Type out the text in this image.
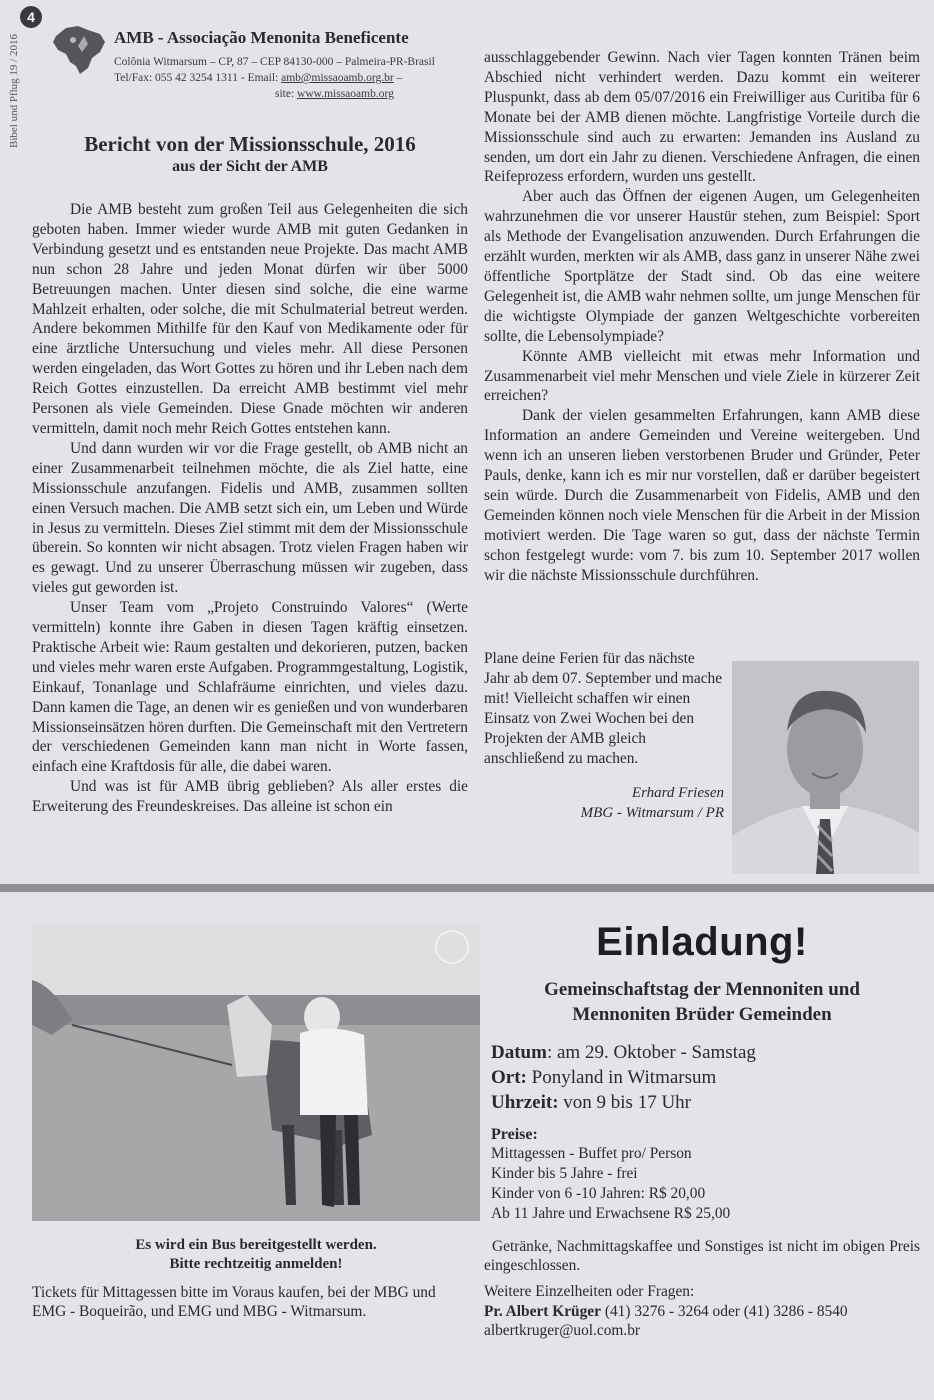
Bibel und Pflug 19 / 2016
4
AMB - Associação Menonita Beneficente
Colônia Witmarsum – CP, 87 – CEP 84130-000 – Palmeira-PR-Brasil
Tel/Fax: 055 42 3254 1311 - Email: amb@missaoamb.org.br –
site: www.missaoamb.org
Bericht von der Missionsschule, 2016
aus der Sicht der AMB

Die AMB besteht zum großen Teil aus Gelegenheiten die sich geboten haben. Immer wieder wurde AMB mit guten Gedanken in Verbindung gesetzt und es entstanden neue Projekte. Das macht AMB nun schon 28 Jahre und jeden Monat dürfen wir über 5000 Betreuungen machen. Unter diesen sind solche, die eine warme Mahlzeit erhalten, oder solche, die mit Schulmaterial betreut werden. Andere bekommen Mithilfe für den Kauf von Medikamente oder für eine ärztliche Untersuchung und vieles mehr. All diese Personen werden eingeladen, das Wort Gottes zu hören und ihr Leben nach dem Reich Gottes einzustellen. Da erreicht AMB bestimmt viel mehr Personen als viele Gemeinden. Diese Gnade möchten wir anderen vermitteln, damit noch mehr Reich Gottes entstehen kann.

Und dann wurden wir vor die Frage gestellt, ob AMB nicht an einer Zusammenarbeit teilnehmen möchte, die als Ziel hatte, eine Missionsschule anzufangen. Fidelis und AMB, zusammen sollten einen Versuch machen. Die AMB setzt sich ein, um Leben und Würde in Jesus zu vermitteln. Dieses Ziel stimmt mit dem der Missionsschule überein. So konnten wir nicht absagen. Trotz vielen Fragen haben wir es gewagt. Und zu unserer Überraschung müssen wir zugeben, dass vieles gut geworden ist.

Unser Team vom „Projeto Construindo Valores“ (Werte vermitteln) konnte ihre Gaben in diesen Tagen kräftig einsetzen. Praktische Arbeit wie: Raum gestalten und dekorieren, putzen, backen und vieles mehr waren erste Aufgaben. Programmgestaltung, Logistik, Einkauf, Tonanlage und Schlafräume einrichten, und vieles dazu. Dann kamen die Tage, an denen wir es genießen und von wunderbaren Missionseinsätzen hören durften. Die Gemeinschaft mit den Vertretern der verschiedenen Gemeinden kann man nicht in Worte fassen, einfach eine Kraftdosis für alle, die dabei waren.

Und was ist für AMB übrig geblieben? Als aller erstes die Erweiterung des Freundeskreises. Das alleine ist schon ein

ausschlaggebender Gewinn. Nach vier Tagen konnten Tränen beim Abschied nicht verhindert werden. Dazu kommt ein weiterer Pluspunkt, dass ab dem 05/07/2016 ein Freiwilliger aus Curitiba für 6 Monate bei der AMB dienen möchte. Langfristige Vorteile durch die Missionsschule sind auch zu erwarten: Jemanden ins Ausland zu senden, um dort ein Jahr zu dienen. Verschiedene Anfragen, die einen Reifeprozess erfordern, wurden uns gestellt.

Aber auch das Öffnen der eigenen Augen, um Gelegenheiten wahrzunehmen die vor unserer Haustür stehen, zum Beispiel: Sport als Methode der Evangelisation anzuwenden. Durch Erfahrungen die erzählt wurden, merkten wir als AMB, dass ganz in unserer Nähe zwei öffentliche Sportplätze der Stadt sind. Ob das eine weitere Gelegenheit ist, die AMB wahr nehmen sollte, um junge Menschen für die wichtigste Olympiade der ganzen Weltgeschichte vorbereiten sollte, die Lebensolympiade?

Könnte AMB vielleicht mit etwas mehr Information und Zusammenarbeit viel mehr Menschen und viele Ziele in kürzerer Zeit erreichen?

Dank der vielen gesammelten Erfahrungen, kann AMB diese Information an andere Gemeinden und Vereine weitergeben. Und wenn ich an unseren lieben verstorbenen Bruder und Gründer, Peter Pauls, denke, kann ich es mir nur vorstellen, daß er darüber begeistert sein würde. Durch die Zusammenarbeit von Fidelis, AMB und den Gemeinden können noch viele Menschen für die Arbeit in der Mission motiviert werden. Die Tage waren so gut, dass der nächste Termin schon festgelegt wurde: vom 7. bis zum 10. September 2017 wollen wir die nächste Missionsschule durchführen.

Plane deine Ferien für das nächste Jahr ab dem 07. September und mache mit! Vielleicht schaffen wir einen Einsatz von Zwei Wochen bei den Projekten der AMB gleich anschließend zu machen.
Erhard Friesen
MBG - Witmarsum / PR
Es wird ein Bus bereitgestellt werden.
Bitte rechtzeitig anmelden!
Tickets für Mittagessen bitte im Voraus kaufen, bei der MBG und EMG - Boqueirão, und EMG und MBG - Witmarsum.
Einladung!
Gemeinschaftstag der Mennoniten und
Mennoniten Brüder Gemeinden
Datum: am 29. Oktober - Samstag
Ort: Ponyland in Witmarsum
Uhrzeit: von 9 bis 17 Uhr
Preise:
Mittagessen - Buffet pro/ Person
Kinder bis 5 Jahre - frei
Kinder von 6 -10 Jahren: R$ 20,00
Ab 11 Jahre und Erwachsene R$ 25,00
Getränke, Nachmittagskaffee und Sonstiges ist nicht im obigen Preis eingeschlossen.
Weitere Einzelheiten oder Fragen:
Pr. Albert Krüger (41) 3276 - 3264 oder (41) 3286 - 8540
albertkruger@uol.com.br
